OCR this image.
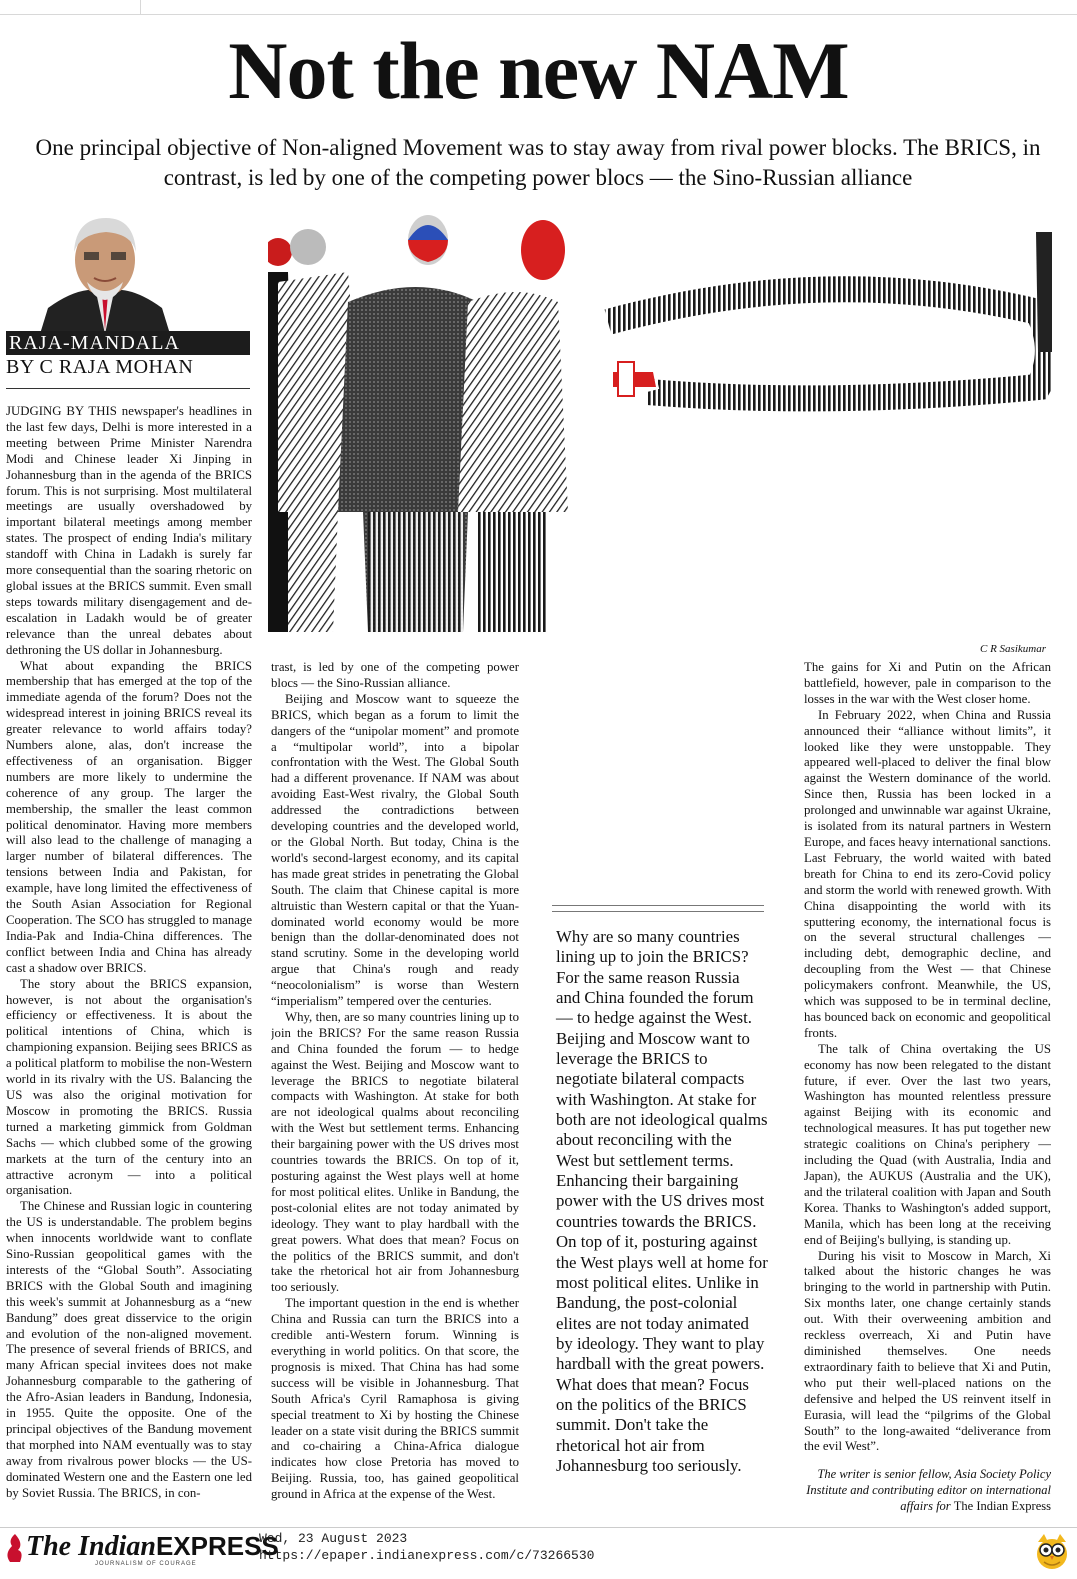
Not the new NAM
One principal objective of Non-aligned Movement was to stay away from rival power blocks. The BRICS, in
contrast, is led by one of the competing power blocs — the Sino-Russian alliance
RAJA-MANDALA
BY C RAJA MOHAN
C R Sasikumar

JUDGING BY THIS newspaper's headlines in the last few days, Delhi is more interested in a meeting between Prime Minister Narendra Modi and Chinese leader Xi Jinping in Johannesburg than in the agenda of the BRICS forum. This is not surprising. Most multilateral meetings are usually overshadowed by important bilateral meetings among member states. The prospect of ending India's military standoff with China in Ladakh is surely far more consequential than the soaring rhetoric on global issues at the BRICS summit. Even small steps towards military disengagement and de-escalation in Ladakh would be of greater relevance than the unreal debates about dethroning the US dollar in Johannesburg.

What about expanding the BRICS membership that has emerged at the top of the immediate agenda of the forum? Does not the widespread interest in joining BRICS reveal its greater relevance to world affairs today? Numbers alone, alas, don't increase the effectiveness of an organisation. Bigger numbers are more likely to undermine the coherence of any group. The larger the membership, the smaller the least common political denominator. Having more members will also lead to the challenge of managing a larger number of bilateral differences. The tensions between India and Pakistan, for example, have long limited the effectiveness of the South Asian Association for Regional Cooperation. The SCO has struggled to manage India-Pak and India-China differences. The conflict between India and China has already cast a shadow over BRICS.

The story about the BRICS expansion, however, is not about the organisation's efficiency or effectiveness. It is about the political intentions of China, which is championing expansion. Beijing sees BRICS as a political platform to mobilise the non-Western world in its rivalry with the US. Balancing the US was also the original motivation for Moscow in promoting the BRICS. Russia turned a marketing gimmick from Goldman Sachs — which clubbed some of the growing markets at the turn of the century into an attractive acronym — into a political organisation.

The Chinese and Russian logic in countering the US is understandable. The problem begins when innocents worldwide want to conflate Sino-Russian geopolitical games with the interests of the “Global South”. Associating BRICS with the Global South and imagining this week's summit at Johannesburg as a “new Bandung” does great disservice to the origin and evolution of the non-aligned movement. The presence of several friends of BRICS, and many African special invitees does not make Johannesburg comparable to the gathering of the Afro-Asian leaders in Bandung, Indonesia, in 1955. Quite the opposite. One of the principal objectives of the Bandung movement that morphed into NAM eventually was to stay away from rivalrous power blocks — the US-dominated Western one and the Eastern one led by Soviet Russia. The BRICS, in con-

trast, is led by one of the competing power blocs — the Sino-Russian alliance.

Beijing and Moscow want to squeeze the BRICS, which began as a forum to limit the dangers of the “unipolar moment” and promote a “multipolar world”, into a bipolar confrontation with the West. The Global South had a different provenance. If NAM was about avoiding East-West rivalry, the Global South addressed the contradictions between developing countries and the developed world, or the Global North. But today, China is the world's second-largest economy, and its capital has made great strides in penetrating the Global South. The claim that Chinese capital is more altruistic than Western capital or that the Yuan-dominated world economy would be more benign than the dollar-denominated does not stand scrutiny. Some in the developing world argue that China's rough and ready “neocolonialism” is worse than Western “imperialism” tempered over the centuries.

Why, then, are so many countries lining up to join the BRICS? For the same reason Russia and China founded the forum — to hedge against the West. Beijing and Moscow want to leverage the BRICS to negotiate bilateral compacts with Washington. At stake for both are not ideological qualms about reconciling with the West but settlement terms. Enhancing their bargaining power with the US drives most countries towards the BRICS. On top of it, posturing against the West plays well at home for most political elites. Unlike in Bandung, the post-colonial elites are not today animated by ideology. They want to play hardball with the great powers. What does that mean? Focus on the politics of the BRICS summit, and don't take the rhetorical hot air from Johannesburg too seriously.

The important question in the end is whether China and Russia can turn the BRICS into a credible anti-Western forum. Winning is everything in world politics. On that score, the prognosis is mixed. That China has had some success will be visible in Johannesburg. That South Africa's Cyril Ramaphosa is giving special treatment to Xi by hosting the Chinese leader on a state visit during the BRICS summit and co-chairing a China-Africa dialogue indicates how close Pretoria has moved to Beijing. Russia, too, has gained geopolitical ground in Africa at the expense of the West.

Why are so many countries lining up to join the BRICS? For the same reason Russia and China founded the forum — to hedge against the West. Beijing and Moscow want to leverage the BRICS to negotiate bilateral compacts with Washington. At stake for both are not ideological qualms about reconciling with the West but settlement terms. Enhancing their bargaining power with the US drives most countries towards the BRICS. On top of it, posturing against the West plays well at home for most political elites. Unlike in Bandung, the post-colonial elites are not today animated by ideology. They want to play hardball with the great powers. What does that mean? Focus on the politics of the BRICS summit. Don't take the rhetorical hot air from Johannesburg too seriously.

The gains for Xi and Putin on the African battlefield, however, pale in comparison to the losses in the war with the West closer home.

In February 2022, when China and Russia announced their “alliance without limits”, it looked like they were unstoppable. They appeared well-placed to deliver the final blow against the Western dominance of the world. Since then, Russia has been locked in a prolonged and unwinnable war against Ukraine, is isolated from its natural partners in Western Europe, and faces heavy international sanctions. Last February, the world waited with bated breath for China to end its zero-Covid policy and storm the world with renewed growth. With China disappointing the world with its sputtering economy, the international focus is on the several structural challenges — including debt, demographic decline, and decoupling from the West — that Chinese policymakers confront. Meanwhile, the US, which was supposed to be in terminal decline, has bounced back on economic and geopolitical fronts.

The talk of China overtaking the US economy has now been relegated to the distant future, if ever. Over the last two years, Washington has mounted relentless pressure against Beijing with its economic and technological measures. It has put together new strategic coalitions on China's periphery — including the Quad (with Australia, India and Japan), the AUKUS (Australia and the UK), and the trilateral coalition with Japan and South Korea. Thanks to Washington's added support, Manila, which has been long at the receiving end of Beijing's bullying, is standing up.

During his visit to Moscow in March, Xi talked about the historic changes he was bringing to the world in partnership with Putin. Six months later, one change certainly stands out. With their overweening ambition and reckless overreach, Xi and Putin have diminished themselves. One needs extraordinary faith to believe that Xi and Putin, who put their well-placed nations on the defensive and helped the US reinvent itself in Eurasia, will lead the “pilgrims of the Global South” to the long-awaited “deliverance from the evil West”.

The writer is senior fellow, Asia Society Policy Institute and contributing editor on international affairs for The Indian Express
The IndianEXPRESS
JOURNALISM OF COURAGE
Wed, 23 August 2023
https://epaper.indianexpress.com/c/73266530
